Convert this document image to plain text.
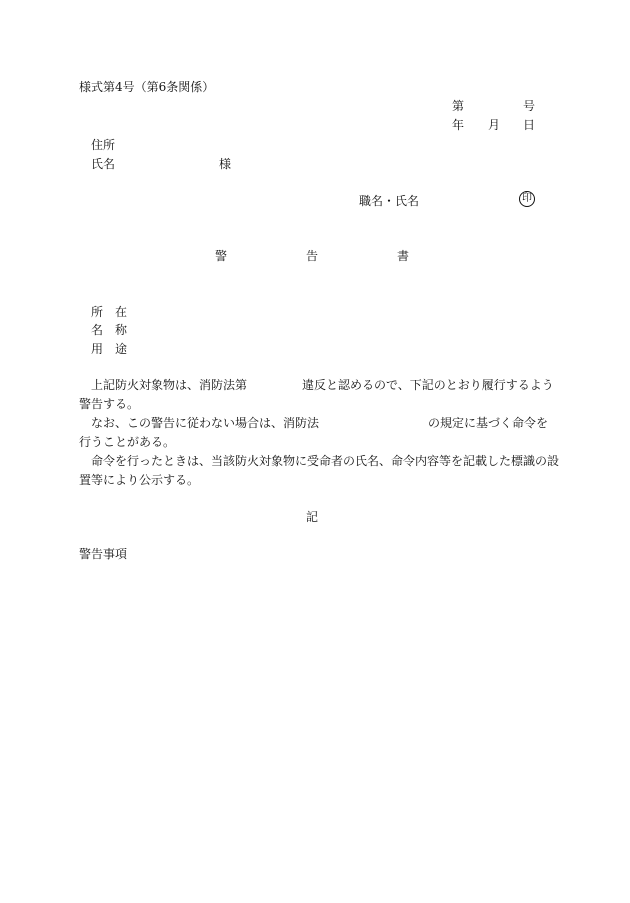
様式第4号（第6条関係）
第	号
年 月 日
住所
氏名	様
職名・氏名	印
警	告	書
所 在
名 称
用 途
上記防火対象物は、消防法第	違反と認めるので、下記のとおり履行するよう
警告する。
なお、この警告に従わない場合は、消防法	の規定に基づく命令を
行うことがある。
命令を行ったときは、当該防火対象物に受命者の氏名、命令内容等を記載した標識の設
置等により公示する。
記
警告事項
